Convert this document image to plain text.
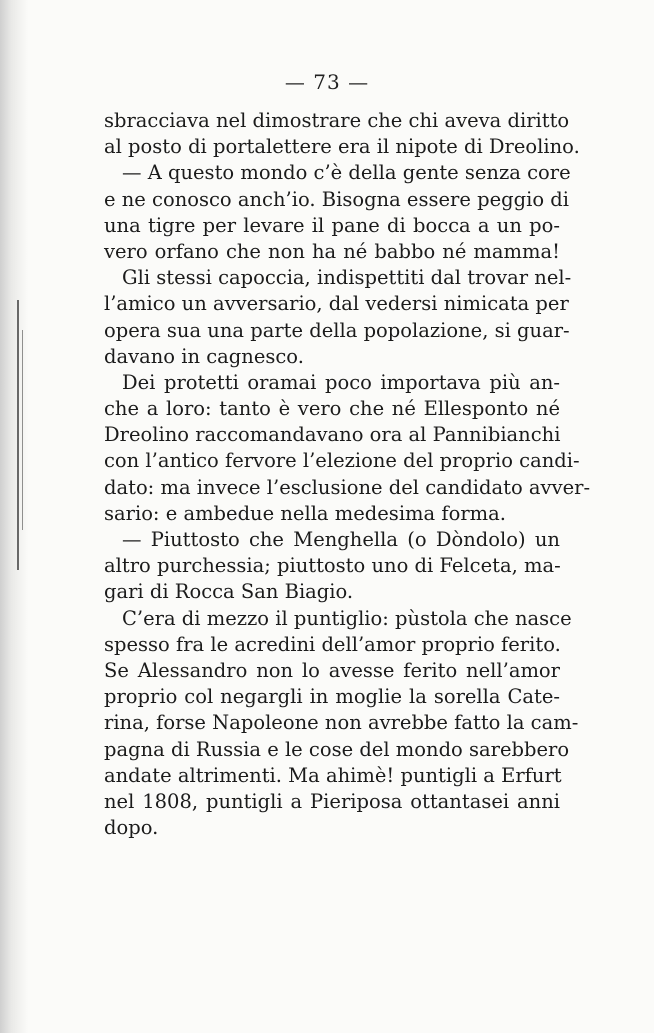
— 73 —
sbracciava nel dimostrare che chi aveva diritto
al posto di portalettere era il nipote di Dreolino.
— A questo mondo c’è della gente senza core
e ne conosco anch’io. Bisogna essere peggio di
una tigre per levare il pane di bocca a un po-
vero orfano che non ha né babbo né mamma!
Gli stessi capoccia, indispettiti dal trovar nel-
l’amico un avversario, dal vedersi nimicata per
opera sua una parte della popolazione, si guar-
davano in cagnesco.
Dei protetti oramai poco importava più an-
che a loro: tanto è vero che né Ellesponto né
Dreolino raccomandavano ora al Pannibianchi
con l’antico fervore l’elezione del proprio candi-
dato: ma invece l’esclusione del candidato avver-
sario: e ambedue nella medesima forma.
— Piuttosto che Menghella (o Dòndolo) un
altro purchessia; piuttosto uno di Felceta, ma-
gari di Rocca San Biagio.
C’era di mezzo il puntiglio: pùstola che nasce
spesso fra le acredini dell’amor proprio ferito.
Se Alessandro non lo avesse ferito nell’amor
proprio col negargli in moglie la sorella Cate-
rina, forse Napoleone non avrebbe fatto la cam-
pagna di Russia e le cose del mondo sarebbero
andate altrimenti. Ma ahimè! puntigli a Erfurt
nel 1808, puntigli a Pieriposa ottantasei anni
dopo.
